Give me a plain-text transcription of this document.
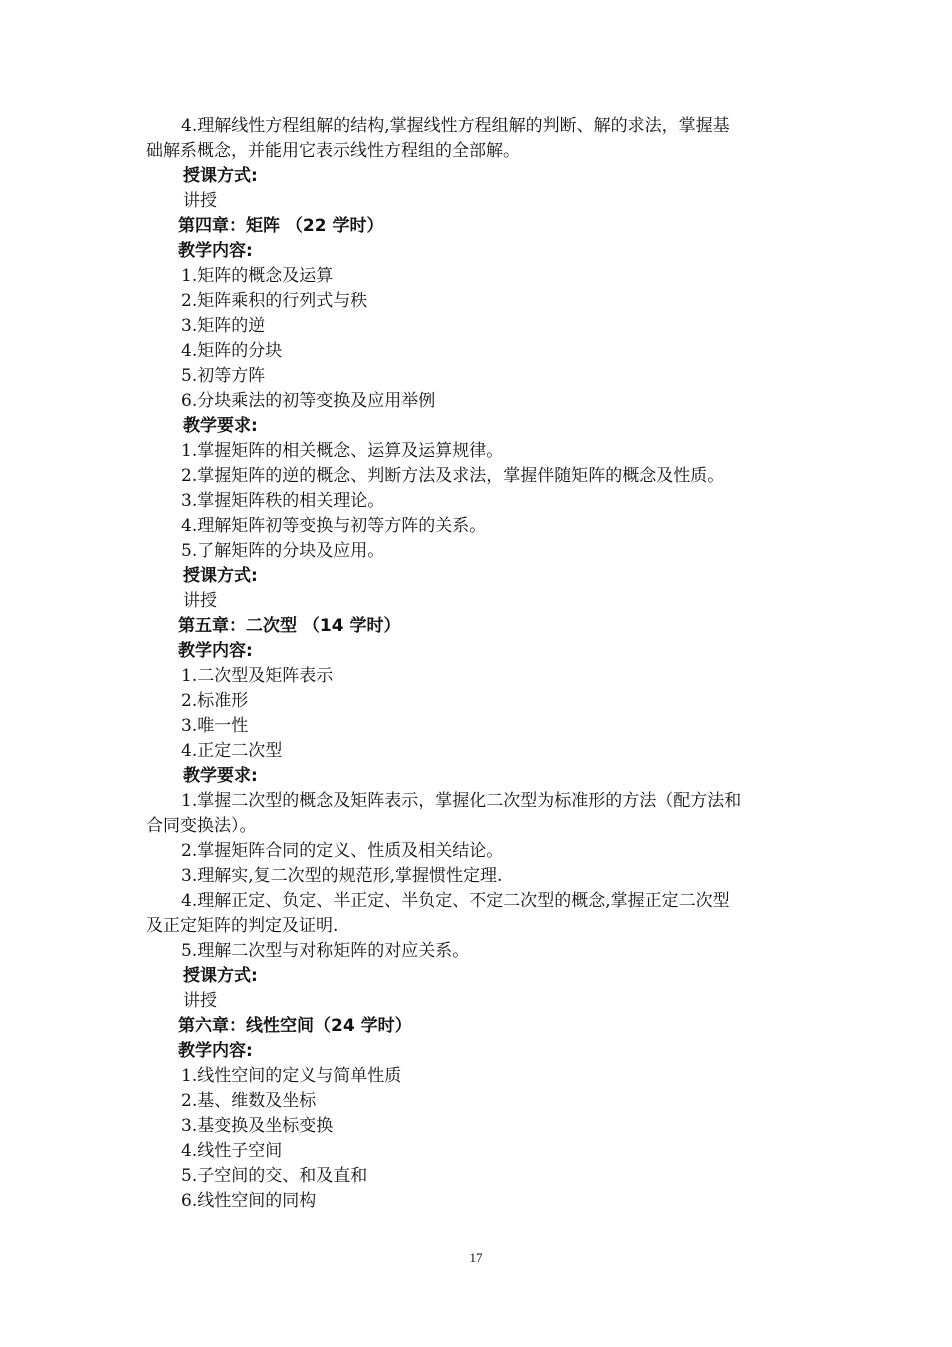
4.理解线性方程组解的结构,掌握线性方程组解的判断、解的求法，掌握基
础解系概念，并能用它表示线性方程组的全部解。
授课方式:
讲授
第四章：矩阵 （22 学时）
教学内容:
1.矩阵的概念及运算
2.矩阵乘积的行列式与秩
3.矩阵的逆
4.矩阵的分块
5.初等方阵
6.分块乘法的初等变换及应用举例
教学要求:
1.掌握矩阵的相关概念、运算及运算规律。
2.掌握矩阵的逆的概念、判断方法及求法，掌握伴随矩阵的概念及性质。
3.掌握矩阵秩的相关理论。
4.理解矩阵初等变换与初等方阵的关系。
5.了解矩阵的分块及应用。
授课方式:
讲授
第五章：二次型 （14 学时）
教学内容:
1.二次型及矩阵表示
2.标准形
3.唯一性
4.正定二次型
教学要求:
1.掌握二次型的概念及矩阵表示，掌握化二次型为标准形的方法（配方法和
合同变换法）。
2.掌握矩阵合同的定义、性质及相关结论。
3.理解实,复二次型的规范形,掌握惯性定理.
4.理解正定、负定、半正定、半负定、不定二次型的概念,掌握正定二次型
及正定矩阵的判定及证明.
5.理解二次型与对称矩阵的对应关系。
授课方式:
讲授
第六章：线性空间（24 学时）
教学内容:
1.线性空间的定义与简单性质
2.基、维数及坐标
3.基变换及坐标变换
4.线性子空间
5.子空间的交、和及直和
6.线性空间的同构
17
